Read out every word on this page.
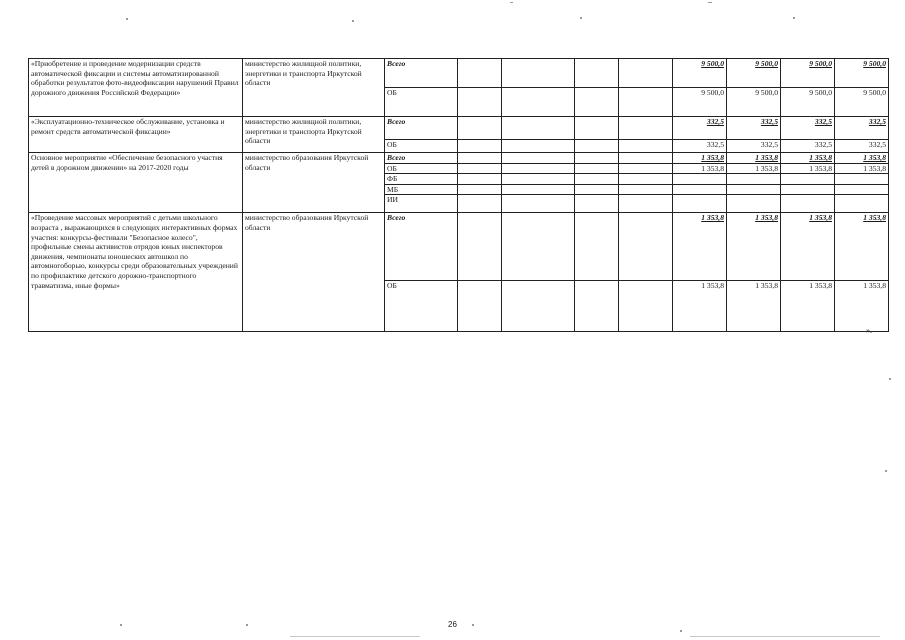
«Приобретение и проведение модернизации средств автоматической фиксации и системы автоматизированной обработки результатов фото-видеофиксации нарушений Правил дорожного движения Российской Федерации»	министерство жилищной политики, энергетики и транспорта Иркутской области	Всего					9 500,0	9 500,0	9 500,0	9 500,0
		ОБ					9 500,0	9 500,0	9 500,0	9 500,0
«Эксплуатационно-техническое обслуживание, установка и ремонт средств автоматической фиксации»	министерство жилищной политики, энергетики и транспорта Иркутской области	Всего					332,5	332,5	332,5	332,5
		ОБ					332,5	332,5	332,5	332,5
Основное мероприятие «Обеспечение безопасного участия детей в дорожном движении» на 2017-2020 годы	министерство образования Иркутской области	Всего					1 353,8	1 353,8	1 353,8	1 353,8
		ОБ					1 353,8	1 353,8	1 353,8	1 353,8
		ФБ								
		МБ								
		ИИ								
«Проведение массовых мероприятий с детьми школьного возраста , выражающихся в следующих интерактивных формах участия: конкурсы-фестивали "Безопасное колесо", профильные смены активистов отрядов юных инспекторов движения, чемпионаты юношеских автошкол по автомногоборью, конкурсы среди образовательных учреждений по профилактике детского дорожно-транспортного травматизма, иные формы»	министерство образования Иркутской области	Всего					1 353,8	1 353,8	1 353,8	1 353,8
		ОБ					1 353,8	1 353,8	1 353,8	1 353,8
».
26
